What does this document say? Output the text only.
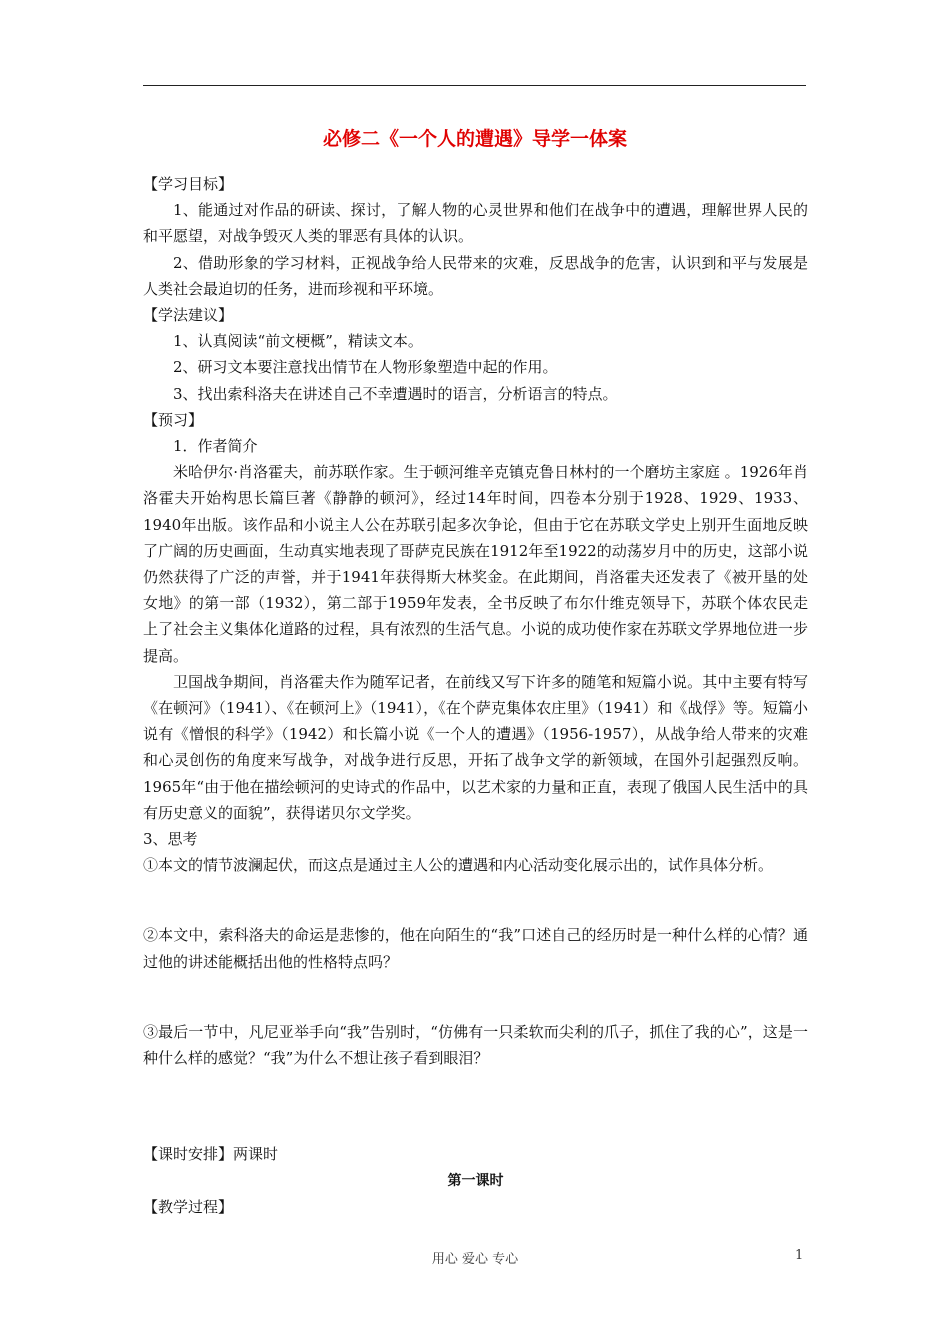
必修二《一个人的遭遇》导学一体案

【学习目标】

1、能通过对作品的研读、探讨，了解人物的心灵世界和他们在战争中的遭遇，理解世界人民的和平愿望，对战争毁灭人类的罪恶有具体的认识。

2、借助形象的学习材料，正视战争给人民带来的灾难，反思战争的危害，认识到和平与发展是人类社会最迫切的任务，进而珍视和平环境。

【学法建议】

1、认真阅读“前文梗概”，精读文本。

2、研习文本要注意找出情节在人物形象塑造中起的作用。

3、找出索科洛夫在讲述自己不幸遭遇时的语言，分析语言的特点。

【预习】

1．作者简介

米哈伊尔·肖洛霍夫，前苏联作家。生于顿河维辛克镇克鲁日林村的一个磨坊主家庭 。1926年肖洛霍夫开始构思长篇巨著《静静的顿河》，经过14年时间，四卷本分别于1928、1929、1933、1940年出版。该作品和小说主人公在苏联引起多次争论，但由于它在苏联文学史上别开生面地反映了广阔的历史画面，生动真实地表现了哥萨克民族在1912年至1922的动荡岁月中的历史，这部小说仍然获得了广泛的声誉，并于1941年获得斯大林奖金。在此期间，肖洛霍夫还发表了《被开垦的处女地》的第一部（1932），第二部于1959年发表，全书反映了布尔什维克领导下，苏联个体农民走上了社会主义集体化道路的过程，具有浓烈的生活气息。小说的成功使作家在苏联文学界地位进一步提高。

卫国战争期间，肖洛霍夫作为随军记者，在前线又写下许多的随笔和短篇小说。其中主要有特写《在顿河》（1941）、《在顿河上》（1941），《在个萨克集体农庄里》（1941）和《战俘》等。短篇小说有《憎恨的科学》（1942）和长篇小说《一个人的遭遇》（1956-1957），从战争给人带来的灾难和心灵创伤的角度来写战争，对战争进行反思，开拓了战争文学的新领域，在国外引起强烈反响。1965年“由于他在描绘顿河的史诗式的作品中，以艺术家的力量和正直，表现了俄国人民生活中的具有历史意义的面貌”，获得诺贝尔文学奖。

3、思考

①本文的情节波澜起伏，而这点是通过主人公的遭遇和内心活动变化展示出的，试作具体分析。

②本文中，索科洛夫的命运是悲惨的，他在向陌生的“我”口述自己的经历时是一种什么样的心情？通过他的讲述能概括出他的性格特点吗？

③最后一节中，凡尼亚举手向“我”告别时，“仿佛有一只柔软而尖利的爪子，抓住了我的心”，这是一种什么样的感觉？“我”为什么不想让孩子看到眼泪？

【课时安排】两课时

第一课时

【教学过程】

用心 爱心 专心	1
